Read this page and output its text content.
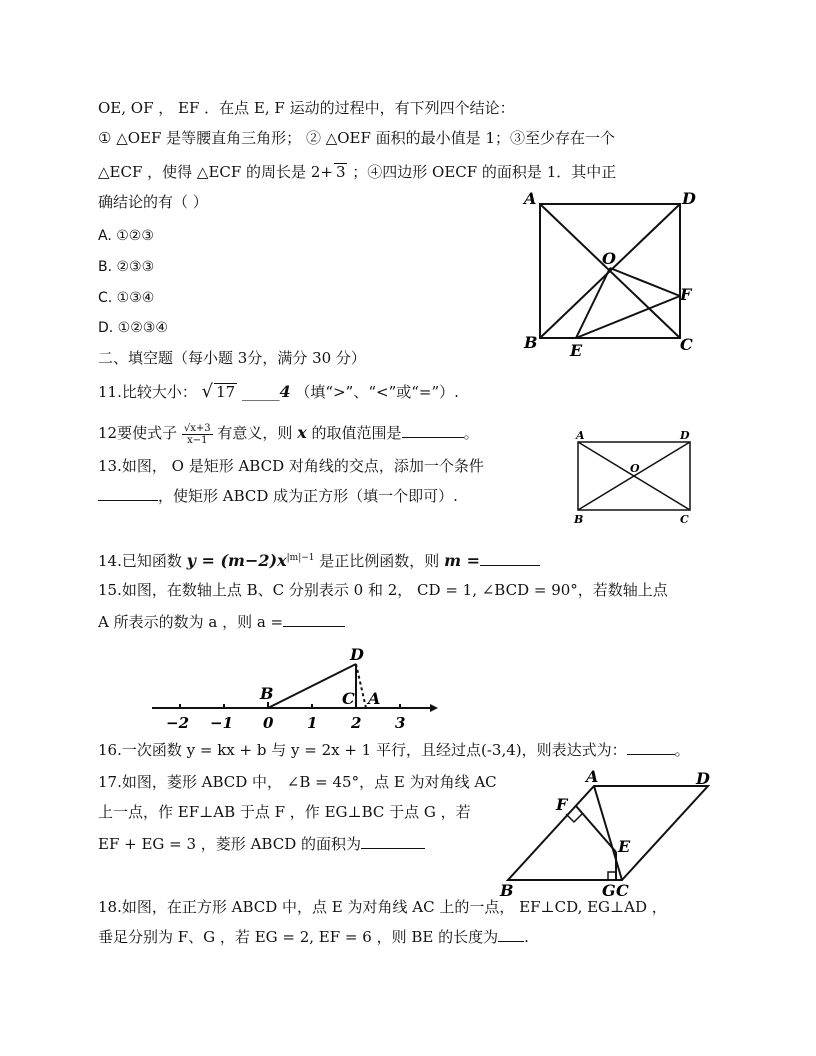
OE, OF ， EF ．在点 E, F 运动的过程中，有下列四个结论：
① △OEF 是等腰直角三角形； ② △OEF 面积的最小值是 1；③至少存在一个
△ECF ，使得 △ECF 的周长是 2+ 3 ；④四边形 OECF 的面积是 1．其中正
确结论的有（ ）
A. ①②③
B. ②③③
C. ①③④
D. ①②③④
A	D
O
F
B E	C
二、填空题（每小题 3分，满分 30 分）
11.比较大小： √ 17 _____4 （填“>”、“<”或“=”）.
12要使式子 $\frac{√x+3}{x-1}$ 有意义，则 x 的取值范围是	。
13.如图， O 是矩形 ABCD 对角线的交点，添加一个条件
，使矩形 ABCD 成为正方形（填一个即可）.
A	D
O
B	C
14.已知函数 $y = (m-2)x^{|m|-1}$ 是正比例函数，则 m =
15.如图，在数轴上点 B、C 分别表示 0 和 2， CD = 1, ∠BCD = 90°，若数轴上点
A 所表示的数为 a ，则 a =
D
B	C A
−2 −1 0 1 2 3
16.一次函数 y = kx + b 与 y = 2x + 1 平行，且经过点(-3,4)，则表达式为：	。
17.如图，菱形 ABCD 中， ∠B = 45°，点 E 为对角线 AC
上一点，作 EF⊥AB 于点 F ，作 EG⊥BC 于点 G ，若
EF + EG = 3 ，菱形 ABCD 的面积为
A	D
F
E
B	G C
18.如图，在正方形 ABCD 中，点 E 为对角线 AC 上的一点， EF⊥CD, EG⊥AD ，
垂足分别为 F、G ，若 EG = 2, EF = 6 ，则 BE 的长度为 .
